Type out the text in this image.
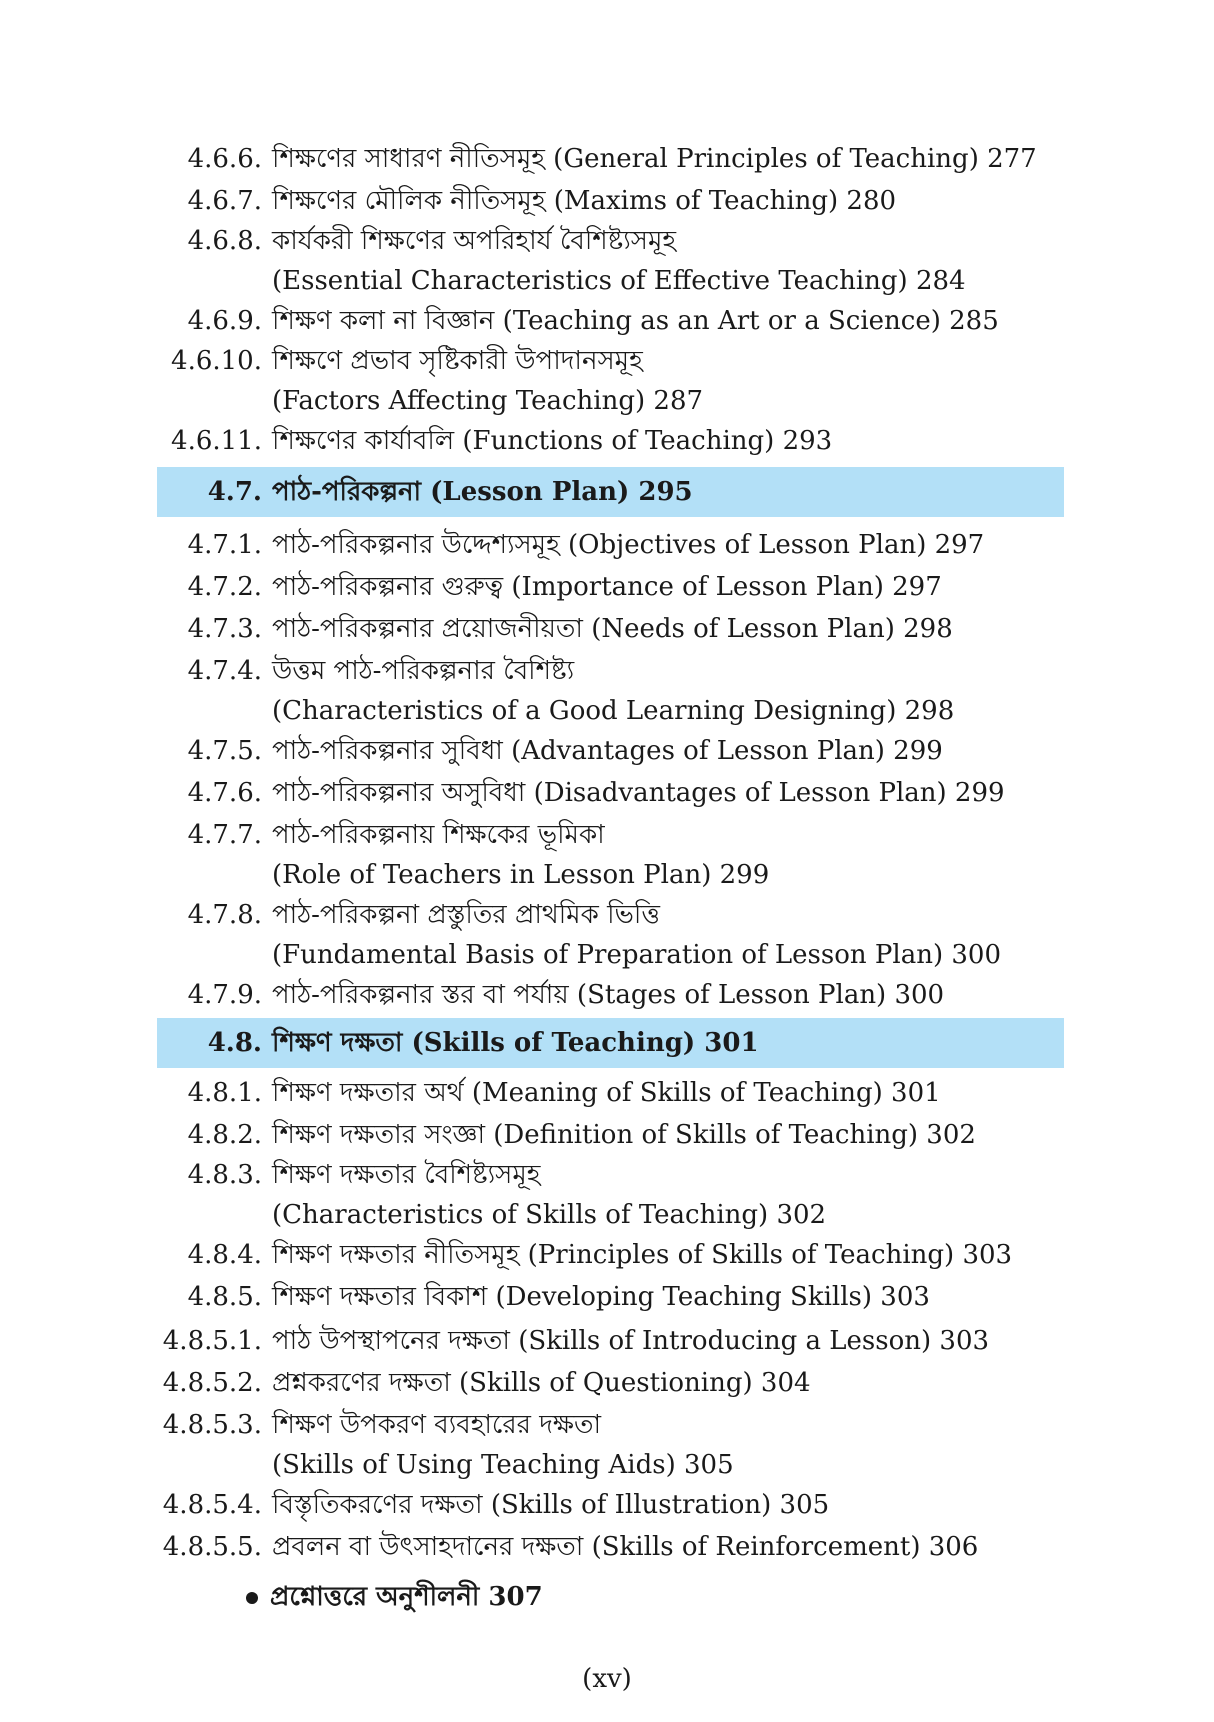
4.6.6. শিক্ষণের সাধারণ নীতিসমূহ (General Principles of Teaching) 277
4.6.7. শিক্ষণের মৌলিক নীতিসমূহ (Maxims of Teaching) 280
4.6.8. কার্যকরী শিক্ষণের অপরিহার্য বৈশিষ্ট্যসমূহ
(Essential Characteristics of Effective Teaching) 284
4.6.9. শিক্ষণ কলা না বিজ্ঞান (Teaching as an Art or a Science) 285
4.6.10. শিক্ষণে প্রভাব সৃষ্টিকারী উপাদানসমূহ
(Factors Affecting Teaching) 287
4.6.11. শিক্ষণের কার্যাবলি (Functions of Teaching) 293
4.7. পাঠ-পরিকল্পনা (Lesson Plan) 295
4.7.1. পাঠ-পরিকল্পনার উদ্দেশ্যসমূহ (Objectives of Lesson Plan) 297
4.7.2. পাঠ-পরিকল্পনার গুরুত্ব (Importance of Lesson Plan) 297
4.7.3. পাঠ-পরিকল্পনার প্রয়োজনীয়তা (Needs of Lesson Plan) 298
4.7.4. উত্তম পাঠ-পরিকল্পনার বৈশিষ্ট্য
(Characteristics of a Good Learning Designing) 298
4.7.5. পাঠ-পরিকল্পনার সুবিধা (Advantages of Lesson Plan) 299
4.7.6. পাঠ-পরিকল্পনার অসুবিধা (Disadvantages of Lesson Plan) 299
4.7.7. পাঠ-পরিকল্পনায় শিক্ষকের ভূমিকা
(Role of Teachers in Lesson Plan) 299
4.7.8. পাঠ-পরিকল্পনা প্রস্তুতির প্রাথমিক ভিত্তি
(Fundamental Basis of Preparation of Lesson Plan) 300
4.7.9. পাঠ-পরিকল্পনার স্তর বা পর্যায় (Stages of Lesson Plan) 300
4.8. শিক্ষণ দক্ষতা (Skills of Teaching) 301
4.8.1. শিক্ষণ দক্ষতার অর্থ (Meaning of Skills of Teaching) 301
4.8.2. শিক্ষণ দক্ষতার সংজ্ঞা (Definition of Skills of Teaching) 302
4.8.3. শিক্ষণ দক্ষতার বৈশিষ্ট্যসমূহ
(Characteristics of Skills of Teaching) 302
4.8.4. শিক্ষণ দক্ষতার নীতিসমূহ (Principles of Skills of Teaching) 303
4.8.5. শিক্ষণ দক্ষতার বিকাশ (Developing Teaching Skills) 303
4.8.5.1. পাঠ উপস্থাপনের দক্ষতা (Skills of Introducing a Lesson) 303
4.8.5.2. প্রশ্নকরণের দক্ষতা (Skills of Questioning) 304
4.8.5.3. শিক্ষণ উপকরণ ব্যবহারের দক্ষতা
(Skills of Using Teaching Aids) 305
4.8.5.4. বিস্তৃতিকরণের দক্ষতা (Skills of Illustration) 305
4.8.5.5. প্রবলন বা উৎসাহদানের দক্ষতা (Skills of Reinforcement) 306
প্রশ্নোত্তরে অনুশীলনী 307
(xv)
